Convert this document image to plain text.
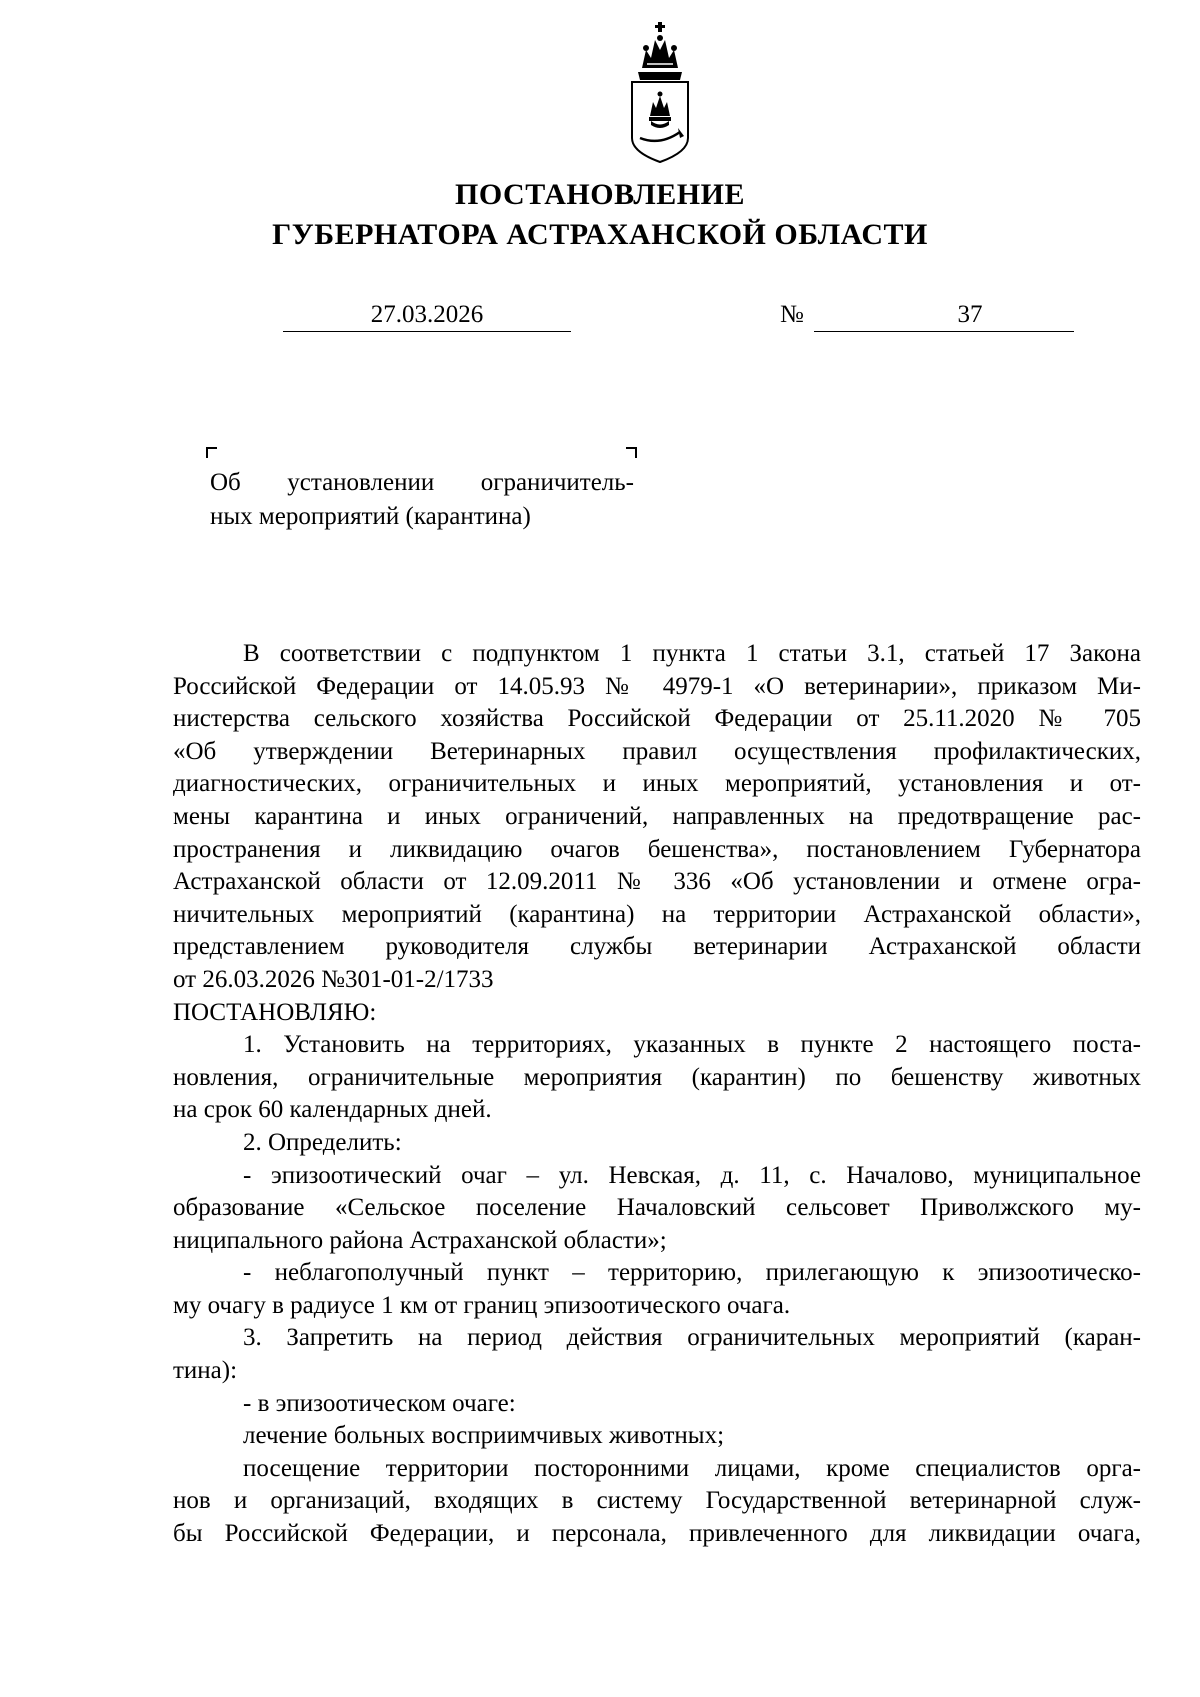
ПОСТАНОВЛЕНИЕ
ГУБЕРНАТОРА АСТРАХАНСКОЙ ОБЛАСТИ
27.03.2026	№	37
Об установлении ограничитель-
ных мероприятий (карантина)
В соответствии с подпунктом 1 пункта 1 статьи 3.1, статьей 17 Закона
Российской Федерации от 14.05.93 № 4979-1 «О ветеринарии», приказом Ми-
нистерства сельского хозяйства Российской Федерации от 25.11.2020 № 705
«Об утверждении Ветеринарных правил осуществления профилактических,
диагностических, ограничительных и иных мероприятий, установления и от-
мены карантина и иных ограничений, направленных на предотвращение рас-
пространения и ликвидацию очагов бешенства», постановлением Губернатора
Астраханской области от 12.09.2011 № 336 «Об установлении и отмене огра-
ничительных мероприятий (карантина) на территории Астраханской области»,
представлением руководителя службы ветеринарии Астраханской области
от 26.03.2026 №301-01-2/1733
ПОСТАНОВЛЯЮ:
1. Установить на территориях, указанных в пункте 2 настоящего поста-
новления, ограничительные мероприятия (карантин) по бешенству животных
на срок 60 календарных дней.
2. Определить:
- эпизоотический очаг – ул. Невская, д. 11, с. Началово, муниципальное
образование «Сельское поселение Началовский сельсовет Приволжского му-
ниципального района Астраханской области»;
- неблагополучный пункт – территорию, прилегающую к эпизоотическо-
му очагу в радиусе 1 км от границ эпизоотического очага.
3. Запретить на период действия ограничительных мероприятий (каран-
тина):
- в эпизоотическом очаге:
лечение больных восприимчивых животных;
посещение территории посторонними лицами, кроме специалистов орга-
нов и организаций, входящих в систему Государственной ветеринарной служ-
бы Российской Федерации, и персонала, привлеченного для ликвидации очага,
